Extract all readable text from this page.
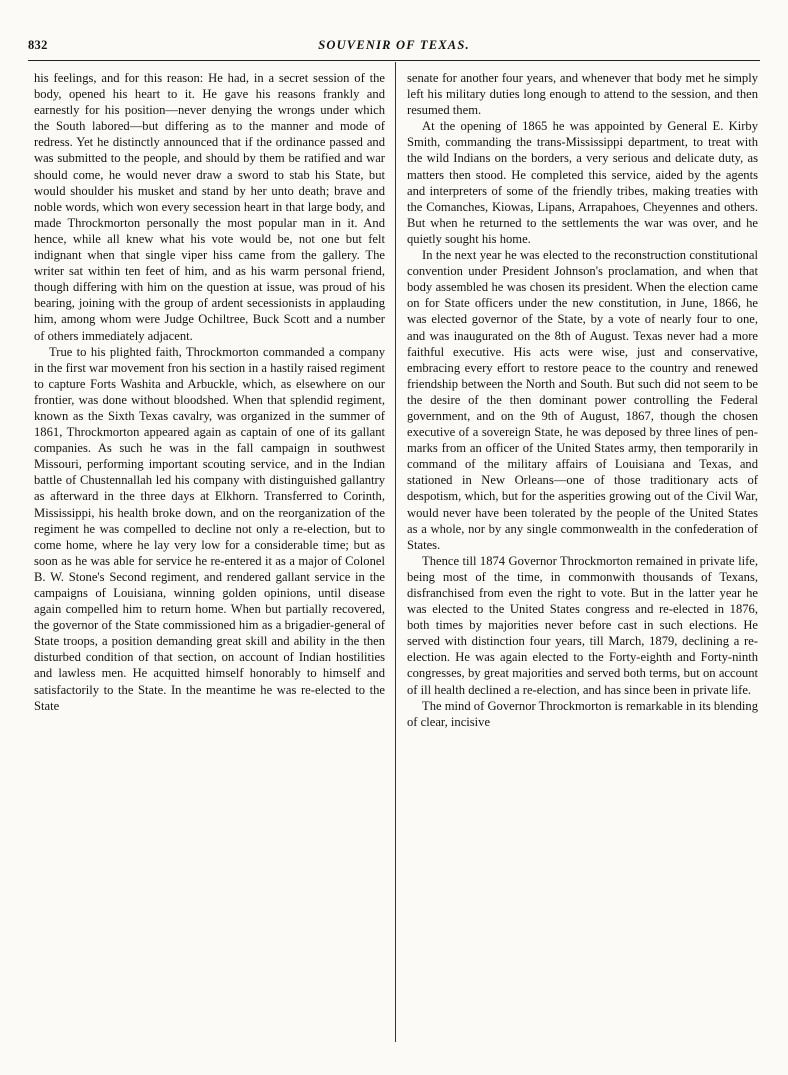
832	SOUVENIR OF TEXAS.

his feelings, and for this reason: He had, in a secret session of the body, opened his heart to it. He gave his reasons frankly and earnestly for his position—never denying the wrongs under which the South labored—but differing as to the manner and mode of redress. Yet he distinctly announced that if the ordinance passed and was submitted to the people, and should by them be ratified and war should come, he would never draw a sword to stab his State, but would shoulder his musket and stand by her unto death; brave and noble words, which won every secession heart in that large body, and made Throckmorton personally the most popular man in it. And hence, while all knew what his vote would be, not one but felt indignant when that single viper hiss came from the gallery. The writer sat within ten feet of him, and as his warm personal friend, though differing with him on the question at issue, was proud of his bearing, joining with the group of ardent secessionists in applauding him, among whom were Judge Ochiltree, Buck Scott and a number of others immediately adjacent.

True to his plighted faith, Throckmorton commanded a company in the first war movement fron his section in a hastily raised regiment to capture Forts Washita and Arbuckle, which, as elsewhere on our frontier, was done without bloodshed. When that splendid regiment, known as the Sixth Texas cavalry, was organized in the summer of 1861, Throckmorton appeared again as captain of one of its gallant companies. As such he was in the fall campaign in southwest Missouri, performing important scouting service, and in the Indian battle of Chustennallah led his company with distinguished gallantry as afterward in the three days at Elkhorn. Transferred to Corinth, Mississippi, his health broke down, and on the reorganization of the regiment he was compelled to decline not only a re-election, but to come home, where he lay very low for a considerable time; but as soon as he was able for service he re-entered it as a major of Colonel B. W. Stone's Second regiment, and rendered gallant service in the campaigns of Louisiana, winning golden opinions, until disease again compelled him to return home. When but partially recovered, the governor of the State commissioned him as a brigadier-general of State troops, a position demanding great skill and ability in the then disturbed condition of that section, on account of Indian hostilities and lawless men. He acquitted himself honorably to himself and satisfactorily to the State. In the meantime he was re-elected to the State

senate for another four years, and whenever that body met he simply left his military duties long enough to attend to the session, and then resumed them.

At the opening of 1865 he was appointed by General E. Kirby Smith, commanding the trans-Mississippi department, to treat with the wild Indians on the borders, a very serious and delicate duty, as matters then stood. He completed this service, aided by the agents and interpreters of some of the friendly tribes, making treaties with the Comanches, Kiowas, Lipans, Arrapahoes, Cheyennes and others. But when he returned to the settlements the war was over, and he quietly sought his home.

In the next year he was elected to the reconstruction constitutional convention under President Johnson's proclamation, and when that body assembled he was chosen its president. When the election came on for State officers under the new constitution, in June, 1866, he was elected governor of the State, by a vote of nearly four to one, and was inaugurated on the 8th of August. Texas never had a more faithful executive. His acts were wise, just and conservative, embracing every effort to restore peace to the country and renewed friendship between the North and South. But such did not seem to be the desire of the then dominant power controlling the Federal government, and on the 9th of August, 1867, though the chosen executive of a sovereign State, he was deposed by three lines of pen-marks from an officer of the United States army, then temporarily in command of the military affairs of Louisiana and Texas, and stationed in New Orleans—one of those traditionary acts of despotism, which, but for the asperities growing out of the Civil War, would never have been tolerated by the people of the United States as a whole, nor by any single commonwealth in the confederation of States.

Thence till 1874 Governor Throckmorton remained in private life, being most of the time, in commonwith thousands of Texans, disfranchised from even the right to vote. But in the latter year he was elected to the United States congress and re-elected in 1876, both times by majorities never before cast in such elections. He served with distinction four years, till March, 1879, declining a re-election. He was again elected to the Forty-eighth and Forty-ninth congresses, by great majorities and served both terms, but on account of ill health declined a re-election, and has since been in private life.

The mind of Governor Throckmorton is remarkable in its blending of clear, incisive
